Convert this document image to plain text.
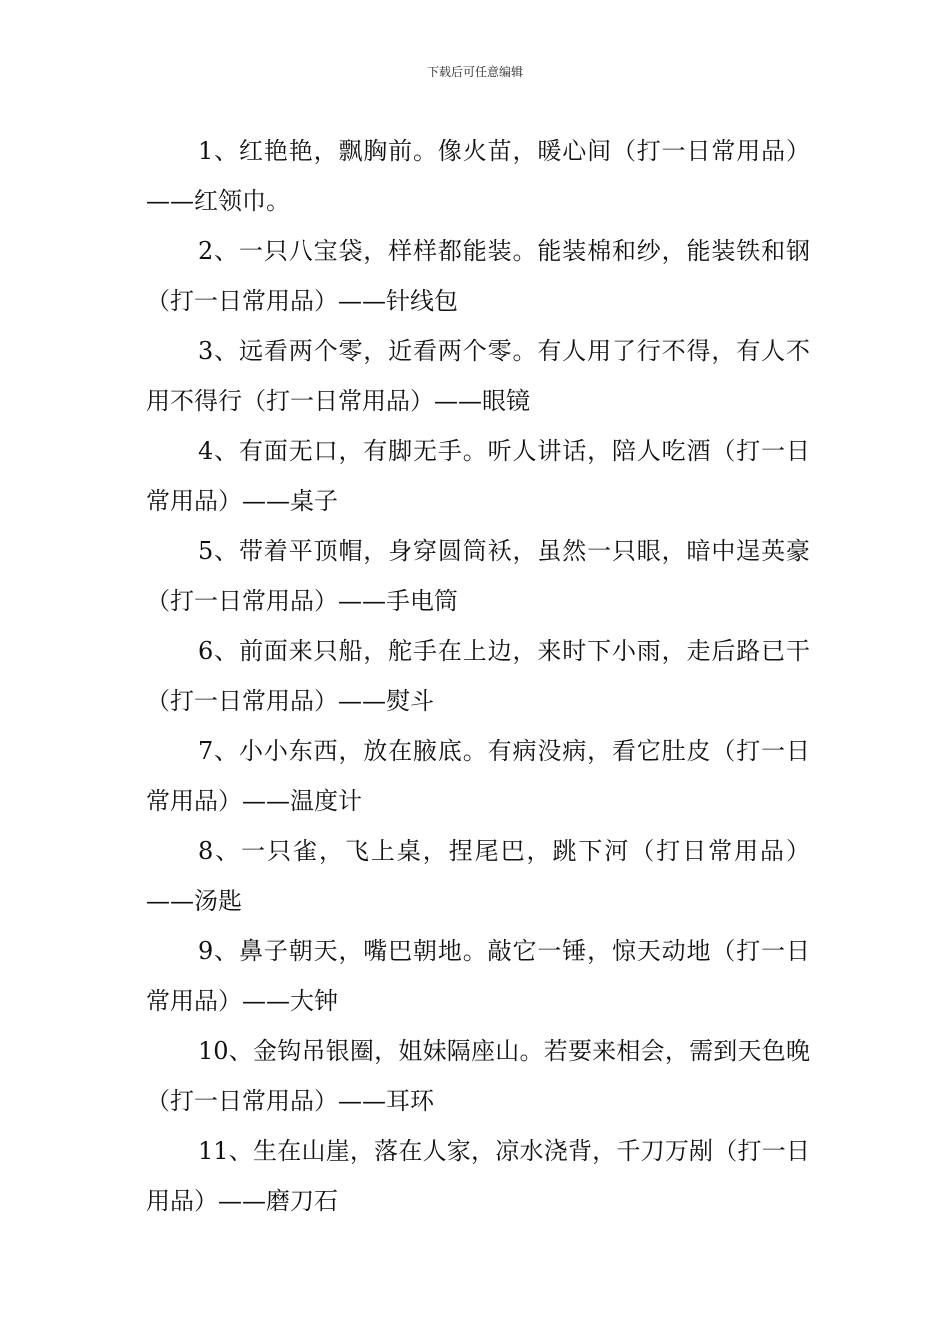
下载后可任意编辑

1、红艳艳，飘胸前。像火苗，暖心间（打一日常用品）——红领巾。

2、一只八宝袋，样样都能装。能装棉和纱，能装铁和钢（打一日常用品）——针线包

3、远看两个零，近看两个零。有人用了行不得，有人不用不得行（打一日常用品）——眼镜

4、有面无口，有脚无手。听人讲话，陪人吃酒（打一日常用品）——桌子

5、带着平顶帽，身穿圆筒袄，虽然一只眼，暗中逞英豪（打一日常用品）——手电筒

6、前面来只船，舵手在上边，来时下小雨，走后路已干（打一日常用品）——熨斗

7、小小东西，放在腋底。有病没病，看它肚皮（打一日常用品）——温度计

8、一只雀，飞上桌，捏尾巴，跳下河（打日常用品）——汤匙

9、鼻子朝天，嘴巴朝地。敲它一锤，惊天动地（打一日常用品）——大钟

10、金钩吊银圈，姐妹隔座山。若要来相会，需到天色晚（打一日常用品）——耳环

11、生在山崖，落在人家，凉水浇背，千刀万剐（打一日用品）——磨刀石
